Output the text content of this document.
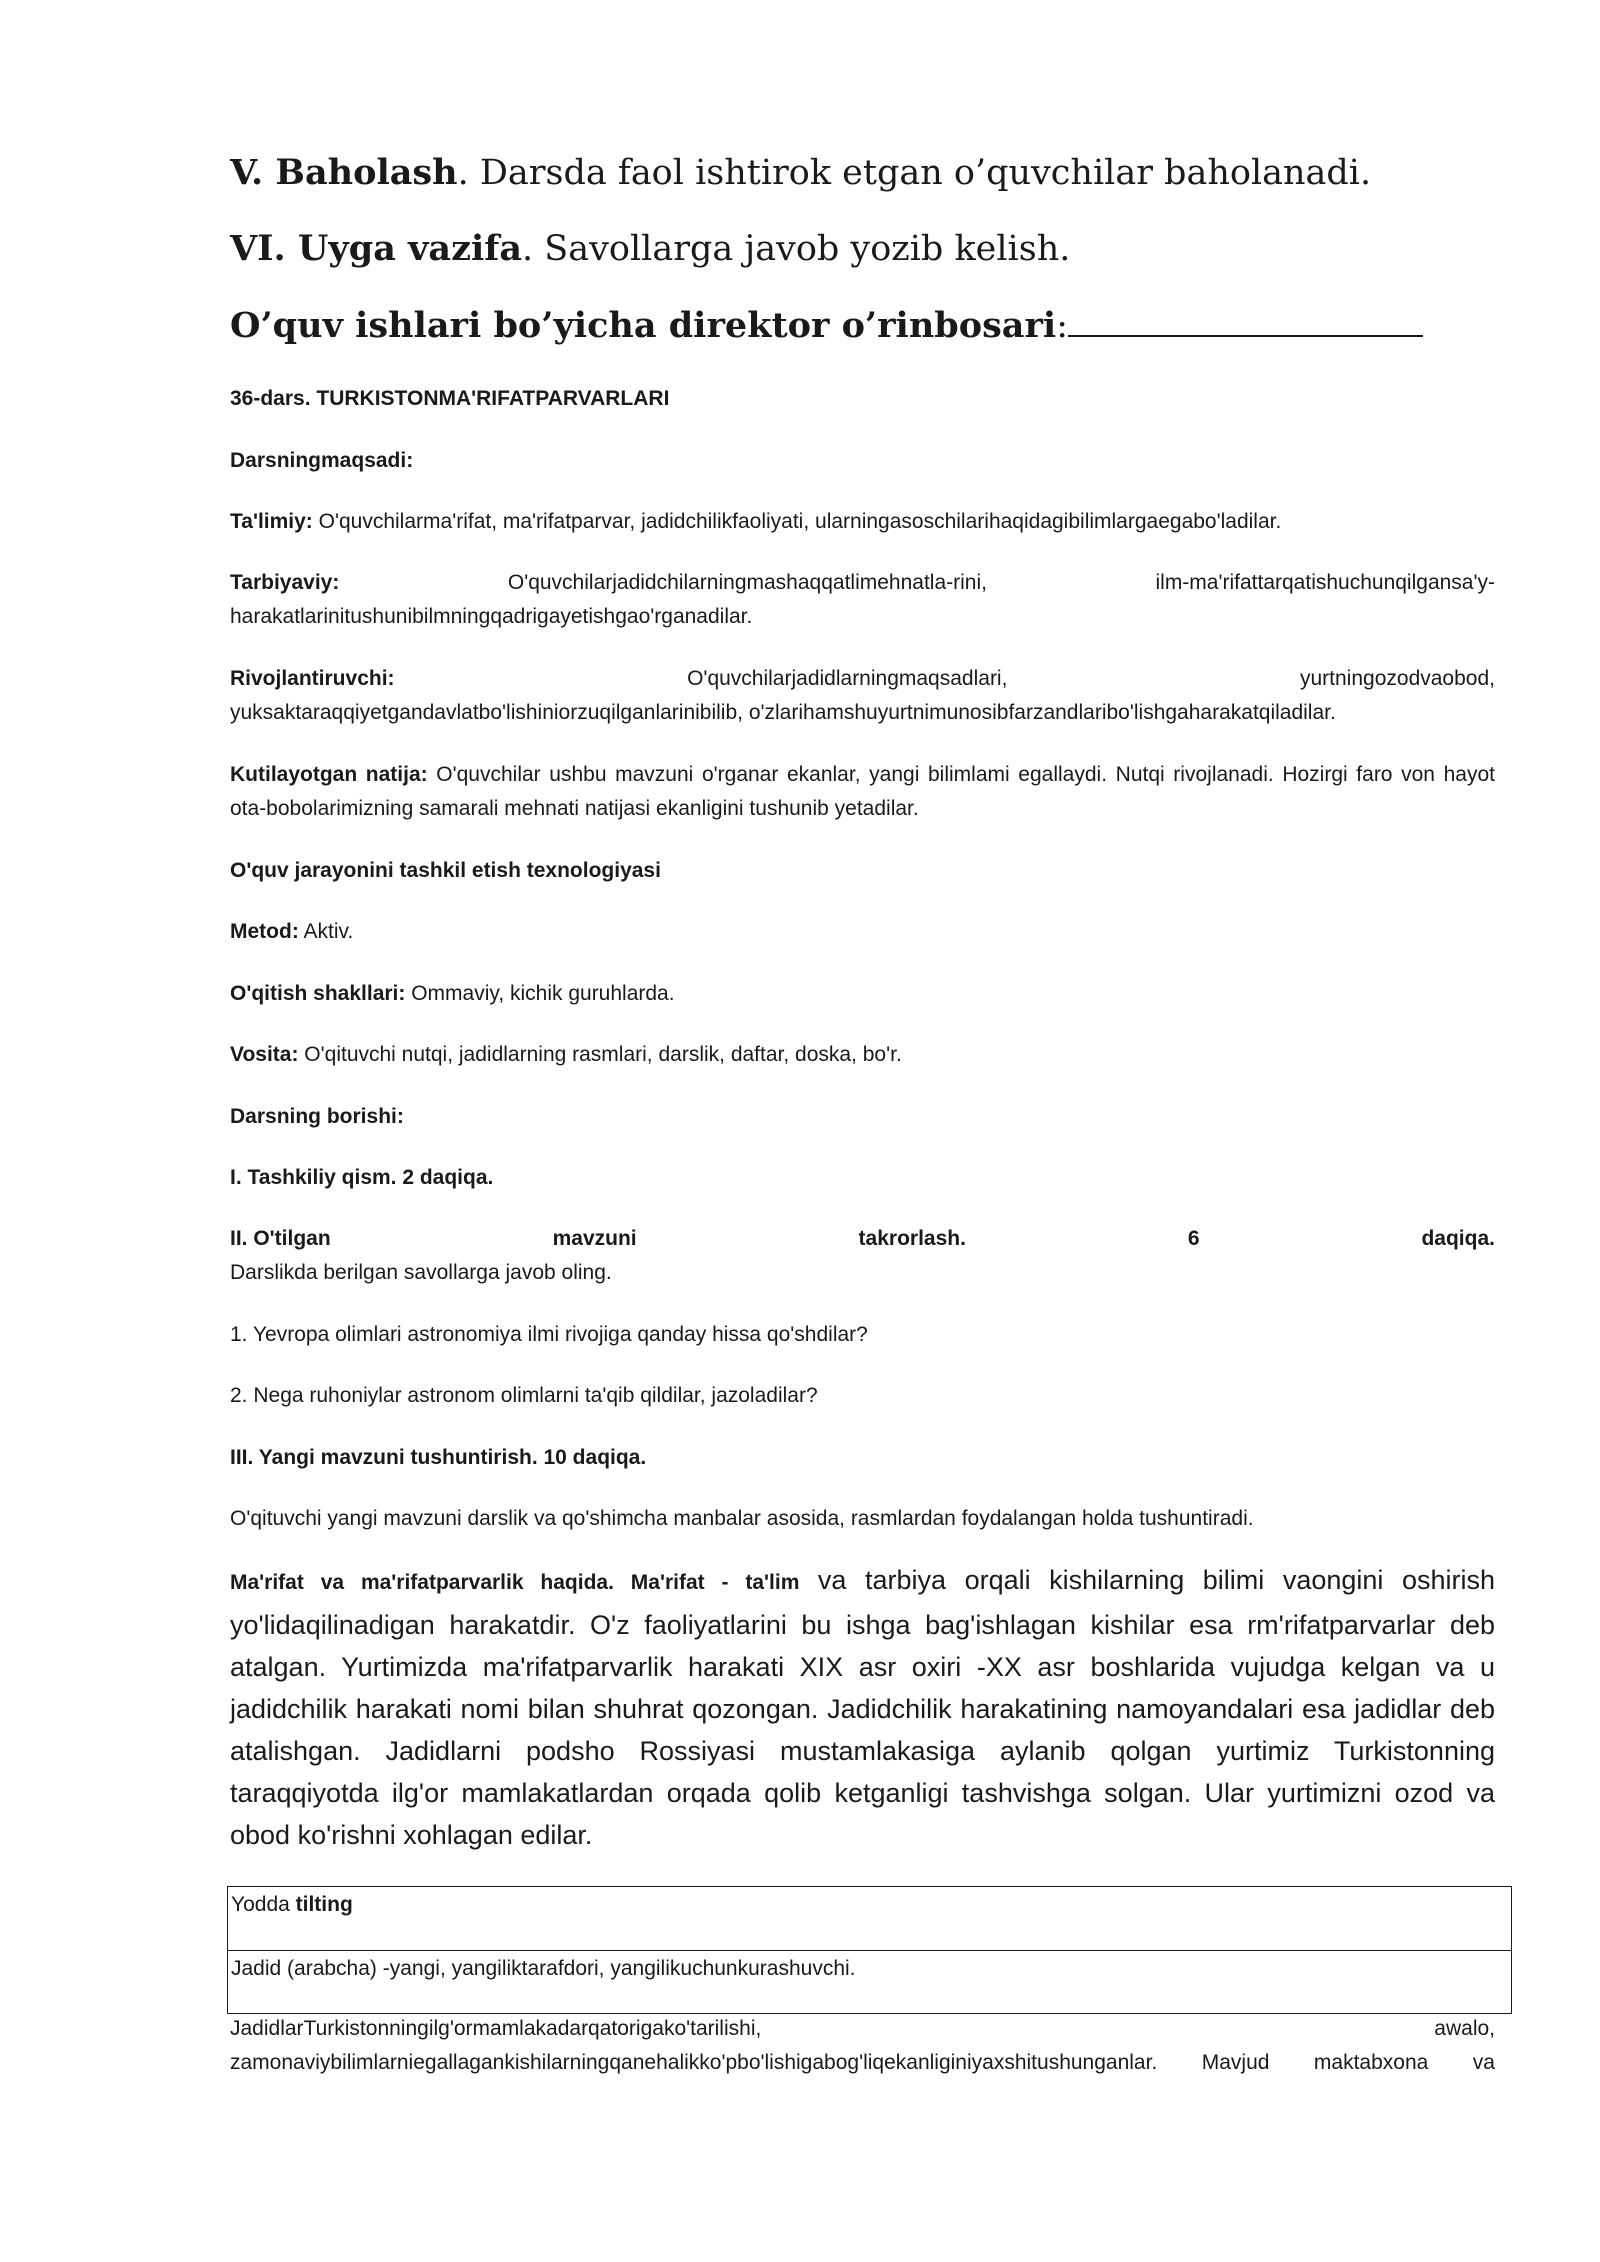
V. Baholash. Darsda faol ishtirok etgan o’quvchilar baholanadi.
VI. Uyga vazifa. Savollarga javob yozib kelish.
O’quv ishlari bo’yicha direktor o’rinbosari:
36-dars. TURKISTONMA'RIFATPARVARLARI
Darsningmaqsadi:
Ta'limiy: O'quvchilarma'rifat, ma'rifatparvar, jadidchilikfaoliyati, ularningasoschilarihaqidagibilimlargaegabo'ladilar.
Tarbiyaviy:	O'quvchilarjadidchilarningmashaqqatlimehnatla-rini,	ilm-ma'rifattarqatishuchunqilgansa'y-
harakatlarinitushunibilmningqadrigayetishgao'rganadilar.
Rivojlantiruvchi:	O'quvchilarjadidlarningmaqsadlari,	yurtningozodvaobod,
yuksaktaraqqiyetgandavlatbo'lishiniorzuqilganlarinibilib, o'zlarihamshuyurtnimunosibfarzandlaribo'lishgaharakatqiladilar.
Kutilayotgan natija: O'quvchilar ushbu mavzuni o'rganar ekanlar, yangi bilimlami egallaydi. Nutqi rivojlanadi. Hozirgi faro von hayot ota-bobolarimizning samarali mehnati natijasi ekanligini tushunib yetadilar.
O'quv jarayonini tashkil etish texnologiyasi
Metod: Aktiv.
O'qitish shakllari: Ommaviy, kichik guruhlarda.
Vosita: O'qituvchi nutqi, jadidlarning rasmlari, darslik, daftar, doska, bo'r.
Darsning borishi:
I. Tashkiliy qism. 2 daqiqa.
II. O'tilgan	mavzuni	takrorlash.	6	daqiqa.
Darslikda berilgan savollarga javob oling.
1. Yevropa olimlari astronomiya ilmi rivojiga qanday hissa qo'shdilar?
2. Nega ruhoniylar astronom olimlarni ta'qib qildilar, jazoladilar?
III. Yangi mavzuni tushuntirish. 10 daqiqa.
O'qituvchi yangi mavzuni darslik va qo'shimcha manbalar asosida, rasmlardan foydalangan holda tushuntiradi.
Ma'rifat va ma'rifatparvarlik haqida. Ma'rifat - ta'lim va tarbiya orqali kishilarning bilimi vaongini oshirish yo'lidaqilinadigan harakatdir. O'z faoliyatlarini bu ishga bag'ishlagan kishilar esa rm'rifatparvarlar deb atalgan. Yurtimizda ma'rifatparvarlik harakati XIX asr oxiri -XX asr boshlarida vujudga kelgan va u jadidchilik harakati nomi bilan shuhrat qozongan. Jadidchilik harakatining namoyandalari esa jadidlar deb atalishgan. Jadidlarni podsho Rossiyasi mustamlakasiga aylanib qolgan yurtimiz Turkistonning taraqqiyotda ilg'or mamlakatlardan orqada qolib ketganligi tashvishga solgan. Ular yurtimizni ozod va obod ko'rishni xohlagan edilar.
Yodda tilting
Jadid (arabcha) -yangi, yangiliktarafdori, yangilikuchunkurashuvchi.
JadidlarTurkistonningilg'ormamlakadarqatorigako'tarilishi,	awalo,
zamonaviybilimlarniegallagankishilarningqanehalikko'pbo'lishigabog'liqekanliginiyaxshitushunganlar. Mavjud maktabxona va
